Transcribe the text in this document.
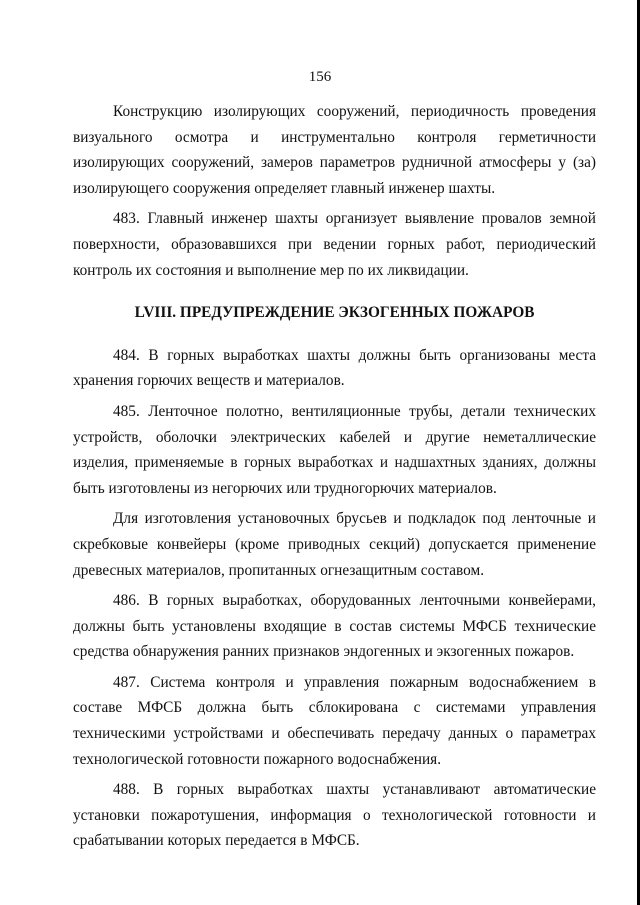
156

Конструкцию изолирующих сооружений, периодичность проведения визуального осмотра и инструментально контроля герметичности изолирующих сооружений, замеров параметров рудничной атмосферы у (за) изолирующего сооружения определяет главный инженер шахты.

483. Главный инженер шахты организует выявление провалов земной поверхности, образовавшихся при ведении горных работ, периодический контроль их состояния и выполнение мер по их ликвидации.

LVIII. ПРЕДУПРЕЖДЕНИЕ ЭКЗОГЕННЫХ ПОЖАРОВ

484. В горных выработках шахты должны быть организованы места хранения горючих веществ и материалов.

485. Ленточное полотно, вентиляционные трубы, детали технических устройств, оболочки электрических кабелей и другие неметаллические изделия, применяемые в горных выработках и надшахтных зданиях, должны быть изготовлены из негорючих или трудногорючих материалов.

Для изготовления установочных брусьев и подкладок под ленточные и скребковые конвейеры (кроме приводных секций) допускается применение древесных материалов, пропитанных огнезащитным составом.

486. В горных выработках, оборудованных ленточными конвейерами, должны быть установлены входящие в состав системы МФСБ технические средства обнаружения ранних признаков эндогенных и экзогенных пожаров.

487. Система контроля и управления пожарным водоснабжением в составе МФСБ должна быть сблокирована с системами управления техническими устройствами и обеспечивать передачу данных о параметрах технологической готовности пожарного водоснабжения.

488. В горных выработках шахты устанавливают автоматические установки пожаротушения, информация о технологической готовности и срабатывании которых передается в МФСБ.
